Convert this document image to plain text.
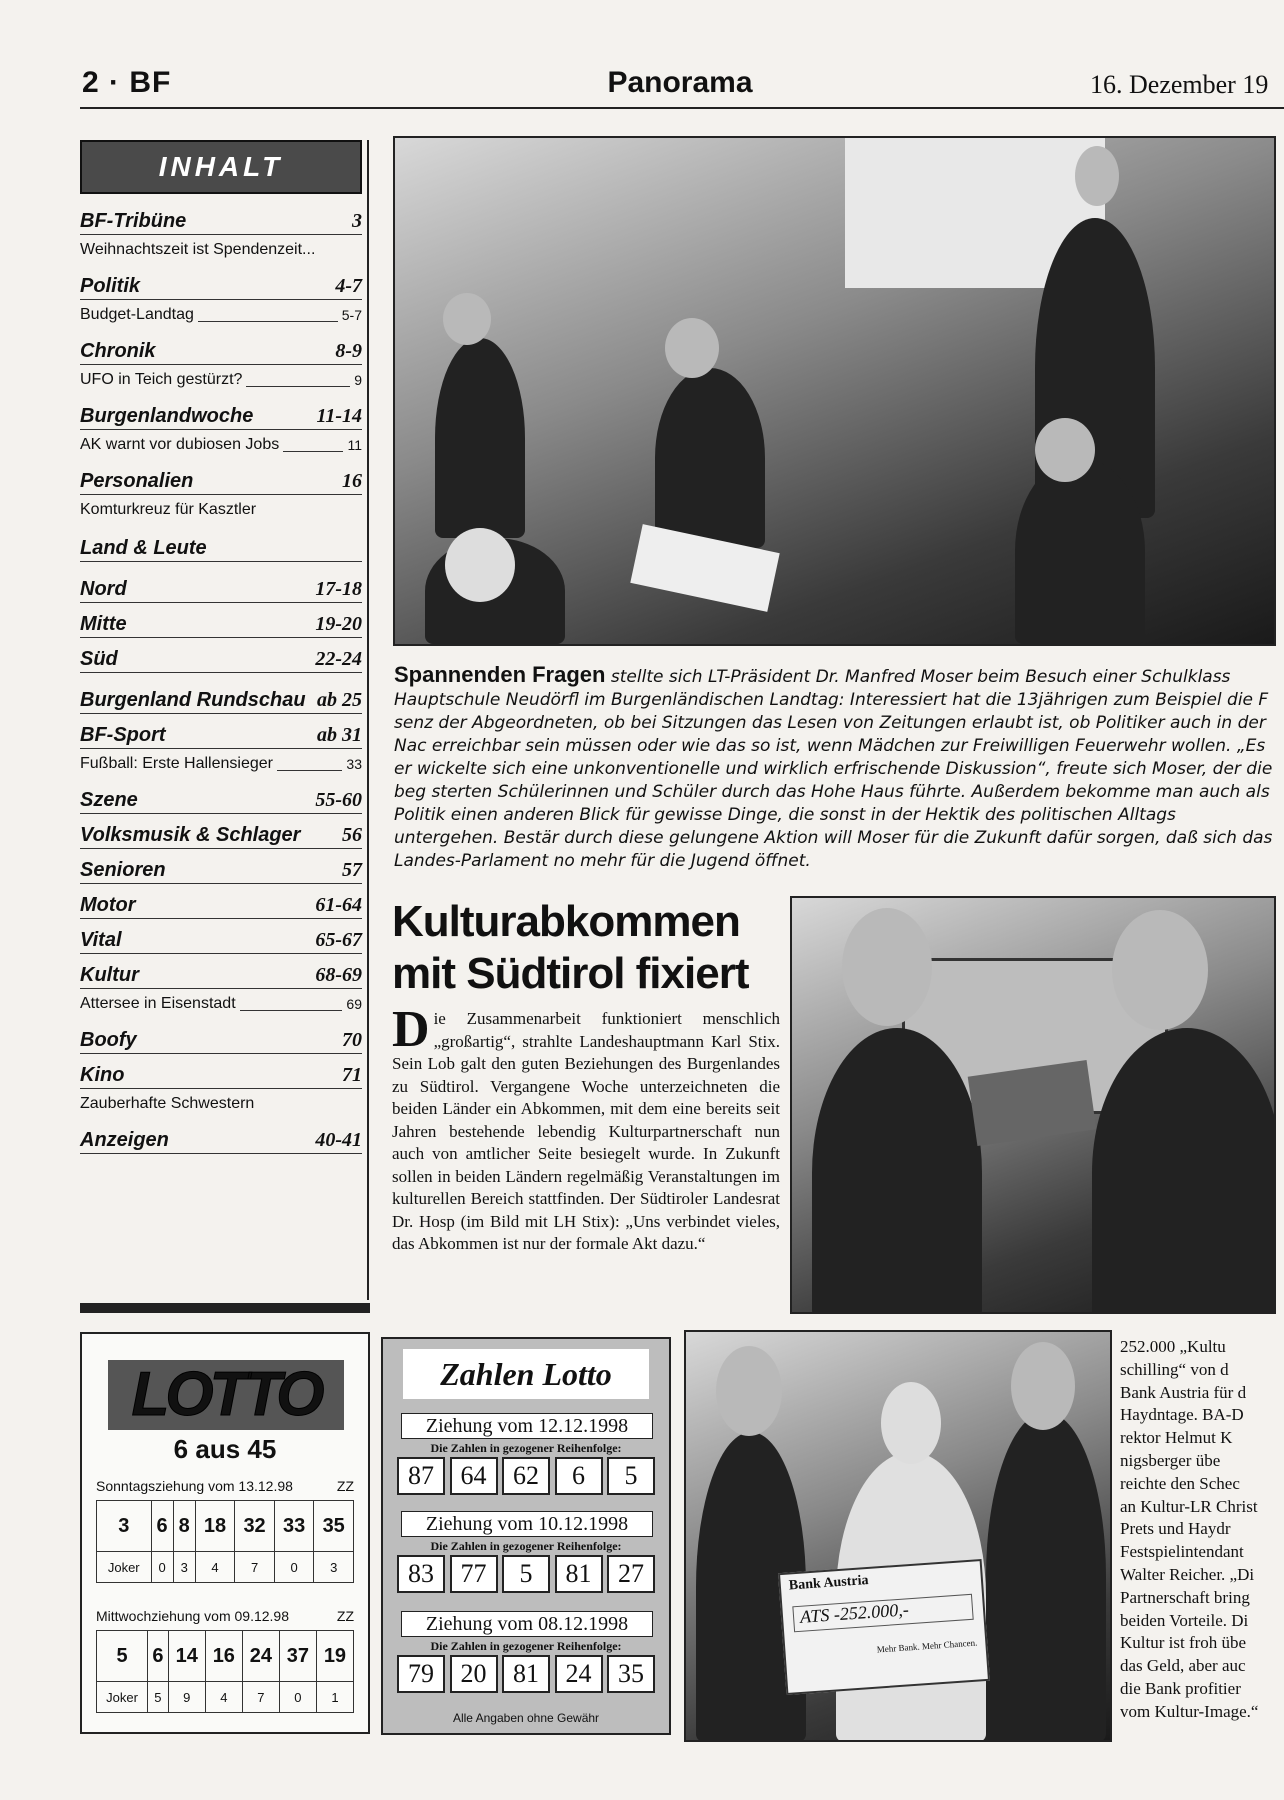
2 · BF	Panorama	16. Dezember 19
INHALT
BF-Tribüne	3
Weihnachtszeit ist Spendenzeit...
Politik	4-7
Budget-Landtag	5-7
Chronik	8-9
UFO in Teich gestürzt?	9
Burgenlandwoche	11-14
AK warnt vor dubiosen Jobs	11
Personalien	16
Komturkreuz für Kasztler
Land & Leute
Nord	17-18
Mitte	19-20
Süd	22-24
Burgenland Rundschau ab 25
BF-Sport	ab 31
Fußball: Erste Hallensieger	33
Szene	55-60
Volksmusik & Schlager 56
Senioren	57
Motor	61-64
Vital	65-67
Kultur	68-69
Attersee in Eisenstadt	69
Boofy	70
Kino	71
Zauberhafte Schwestern
Anzeigen	40-41
Spannenden Fragen stellte sich LT-Präsident Dr. Manfred Moser beim Besuch einer Schulklass Hauptschule Neudörfl im Burgenländischen Landtag: Interessiert hat die 13jährigen zum Beispiel die F senz der Abgeordneten, ob bei Sitzungen das Lesen von Zeitungen erlaubt ist, ob Politiker auch in der Nac erreichbar sein müssen oder wie das so ist, wenn Mädchen zur Freiwilligen Feuerwehr wollen. „Es er wickelte sich eine unkonventionelle und wirklich erfrischende Diskussion“, freute sich Moser, der die beg sterten Schülerinnen und Schüler durch das Hohe Haus führte. Außerdem bekomme man auch als Politik einen anderen Blick für gewisse Dinge, die sonst in der Hektik des politischen Alltags untergehen. Bestär durch diese gelungene Aktion will Moser für die Zukunft dafür sorgen, daß sich das Landes-Parlament no mehr für die Jugend öffnet.
Kulturabkommen
mit Südtirol fixiert
Die Zusammenarbeit funktioniert menschlich „großartig“, strahlte Landeshauptmann Karl Stix. Sein Lob galt den guten Beziehungen des Burgenlandes zu Südtirol. Vergangene Woche unterzeichneten die beiden Länder ein Abkommen, mit dem eine bereits seit Jahren bestehende lebendig Kulturpartnerschaft nun auch von amtlicher Seite besiegelt wurde. In Zukunft sollen in beiden Ländern regelmäßig Veranstaltungen im kulturellen Bereich stattfinden. Der Südtiroler Landesrat Dr. Hosp (im Bild mit LH Stix): „Uns verbindet vieles, das Abkommen ist nur der formale Akt dazu.“
LOTTO
6 aus 45
Sonntagsziehung vom 13.12.98	ZZ
3	6	8	18	32	33	35
Joker	0	3	4	7	0	3
Mittwochziehung vom 09.12.98	ZZ
5	6	14	16	24	37	19
Joker	5	9	4	7	0	1
Zahlen Lotto
Ziehung vom 12.12.1998
Die Zahlen in gezogener Reihenfolge:
87	64	62	6	5
Ziehung vom 10.12.1998
Die Zahlen in gezogener Reihenfolge:
83	77	5	81	27
Ziehung vom 08.12.1998
Die Zahlen in gezogener Reihenfolge:
79	20	81	24	35
Alle Angaben ohne Gewähr
Bank Austria
ATS -252.000,-
Mehr Bank. Mehr Chancen.
252.000 „Kultu
schilling“ von d
Bank Austria für d
Haydntage. BA-D
rektor Helmut K
nigsberger übe
reichte den Schec
an Kultur-LR Christ
Prets und Haydr
Festspielintendant
Walter Reicher. „Di
Partnerschaft bring
beiden Vorteile. Di
Kultur ist froh übe
das Geld, aber auc
die Bank profitier
vom Kultur-Image.“
